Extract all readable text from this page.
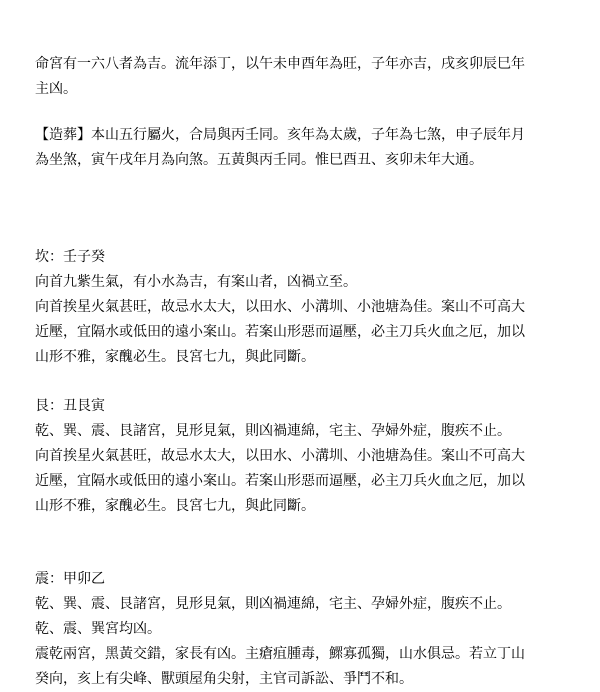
命宮有一六八者為吉。流年添丁，以午未申酉年為旺，子年亦吉，戌亥卯辰巳年
主凶。
【造葬】本山五行屬火，合局與丙壬同。亥年為太歲，子年為七煞，申子辰年月
為坐煞，寅午戌年月為向煞。五黃與丙壬同。惟巳酉丑、亥卯未年大通。
坎：壬子癸
向首九紫生氣，有小水為吉，有案山者，凶禍立至。
向首挨星火氣甚旺，故忌水太大，以田水、小溝圳、小池塘為佳。案山不可高大
近壓，宜隔水或低田的遠小案山。若案山形惡而逼壓，必主刀兵火血之厄，加以
山形不雅，家醜必生。艮宮七九，與此同斷。
艮：丑艮寅
乾、巽、震、艮諸宮，見形見氣，則凶禍連綿，宅主、孕婦外症，腹疾不止。
向首挨星火氣甚旺，故忌水太大，以田水、小溝圳、小池塘為佳。案山不可高大
近壓，宜隔水或低田的遠小案山。若案山形惡而逼壓，必主刀兵火血之厄，加以
山形不雅，家醜必生。艮宮七九，與此同斷。
震：甲卯乙
乾、巽、震、艮諸宮，見形見氣，則凶禍連綿，宅主、孕婦外症，腹疾不止。
乾、震、巽宮均凶。
震乾兩宮，黑黃交錯，家長有凶。主瘡疽腫毒，鰥寡孤獨，山水俱忌。若立丁山
癸向，亥上有尖峰、獸頭屋角尖射，主官司訴訟、爭鬥不和。
